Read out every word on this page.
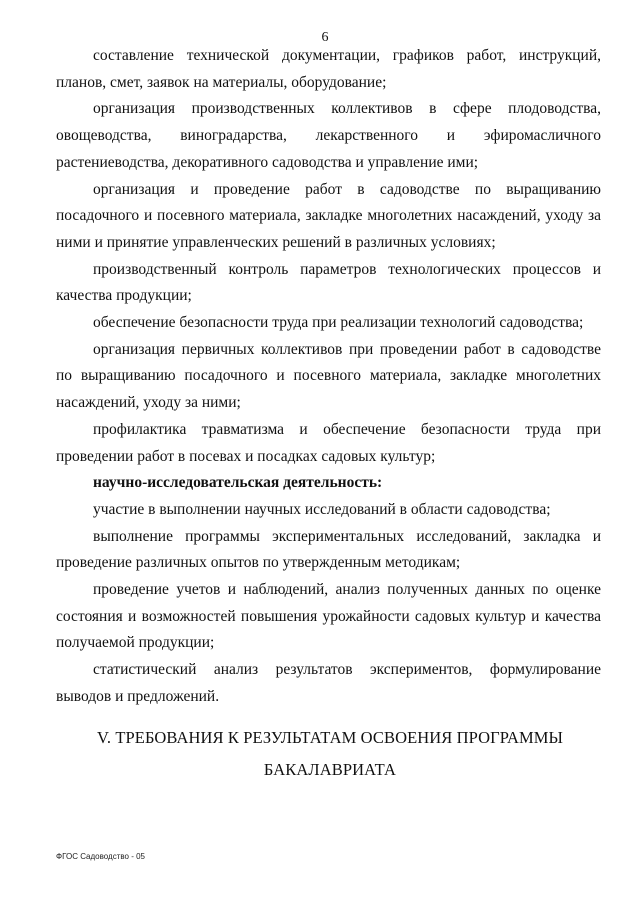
6

составление технической документации, графиков работ, инструкций, планов, смет, заявок на материалы, оборудование;

организация производственных коллективов в сфере плодоводства, овощеводства, виноградарства, лекарственного и эфиромасличного растениеводства, декоративного садоводства и управление ими;

организация и проведение работ в садоводстве по выращиванию посадочного и посевного материала, закладке многолетних насаждений, уходу за ними и принятие управленческих решений в различных условиях;

производственный контроль параметров технологических процессов и качества продукции;

обеспечение безопасности труда при реализации технологий садоводства;

организация первичных коллективов при проведении работ в садоводстве по выращиванию посадочного и посевного материала, закладке многолетних насаждений, уходу за ними;

профилактика травматизма и обеспечение безопасности труда при проведении работ в посевах и посадках садовых культур;

научно-исследовательская деятельность:

участие в выполнении научных исследований в области садоводства;

выполнение программы экспериментальных исследований, закладка и проведение различных опытов по утвержденным методикам;

проведение учетов и наблюдений, анализ полученных данных по оценке состояния и возможностей повышения урожайности садовых культур и качества получаемой продукции;

статистический анализ результатов экспериментов, формулирование выводов и предложений.

V. ТРЕБОВАНИЯ К РЕЗУЛЬТАТАМ ОСВОЕНИЯ ПРОГРАММЫ
БАКАЛАВРИАТА
ФГОС Садоводство - 05
